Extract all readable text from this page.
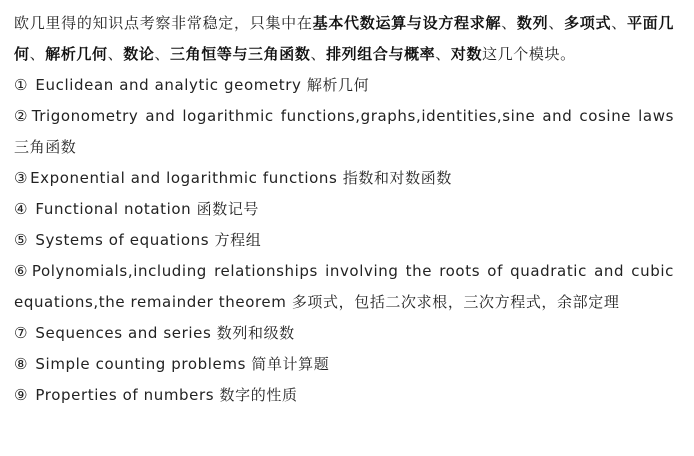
欧几里得的知识点考察非常稳定，只集中在基本代数运算与设方程求解、数列、多项式、平面几何、解析几何、数论、三角恒等与三角函数、排列组合与概率、对数这几个模块。

① Euclidean and analytic geometry 解析几何

② Trigonometry and logarithmic functions,graphs,identities,sine and cosine laws 三角函数

③ Exponential and logarithmic functions 指数和对数函数

④ Functional notation 函数记号

⑤ Systems of equations 方程组

⑥ Polynomials,including relationships involving the roots of quadratic and cubic equations,the remainder theorem 多项式，包括二次求根，三次方程式，余部定理

⑦ Sequences and series 数列和级数

⑧ Simple counting problems 简单计算题

⑨ Properties of numbers 数字的性质
